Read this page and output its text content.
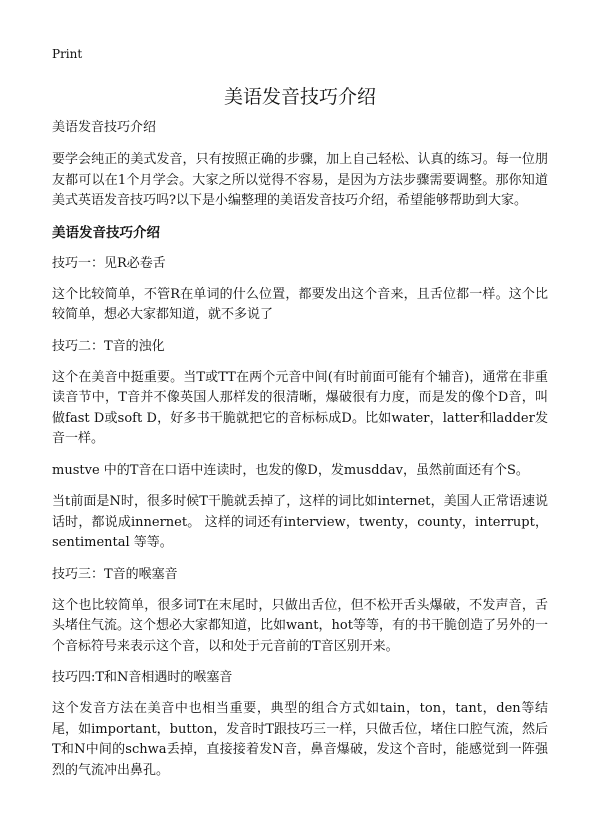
Print
美语发音技巧介绍

美语发音技巧介绍

要学会纯正的美式发音，只有按照正确的步骤，加上自己轻松、认真的练习。每一位朋友都可以在1个月学会。大家之所以觉得不容易，是因为方法步骤需要调整。那你知道美式英语发音技巧吗?以下是小编整理的美语发音技巧介绍，希望能够帮助到大家。

美语发音技巧介绍

技巧一：见R必卷舌

这个比较简单，不管R在单词的什么位置，都要发出这个音来，且舌位都一样。这个比较简单，想必大家都知道，就不多说了

技巧二：T音的浊化

这个在美音中挺重要。当T或TT在两个元音中间(有时前面可能有个辅音)，通常在非重读音节中，T音并不像英国人那样发的很清晰，爆破很有力度，而是发的像个D音，叫做fast D或soft D，好多书干脆就把它的音标标成D。比如water，latter和ladder发音一样。

mustve 中的T音在口语中连读时，也发的像D，发musddav，虽然前面还有个S。

当t前面是N时，很多时候T干脆就丢掉了，这样的词比如internet，美国人正常语速说话时，都说成innernet。 这样的词还有interview，twenty，county，interrupt，sentimental 等等。

技巧三：T音的喉塞音

这个也比较简单，很多词T在末尾时，只做出舌位，但不松开舌头爆破，不发声音，舌头堵住气流。这个想必大家都知道，比如want，hot等等，有的书干脆创造了另外的一个音标符号来表示这个音，以和处于元音前的T音区别开来。

技巧四:T和N音相遇时的喉塞音

这个发音方法在美音中也相当重要，典型的组合方式如tain，ton，tant，den等结尾，如important，button，发音时T跟技巧三一样，只做舌位，堵住口腔气流，然后T和N中间的schwa丢掉，直接接着发N音，鼻音爆破，发这个音时，能感觉到一阵强烈的气流冲出鼻孔。
